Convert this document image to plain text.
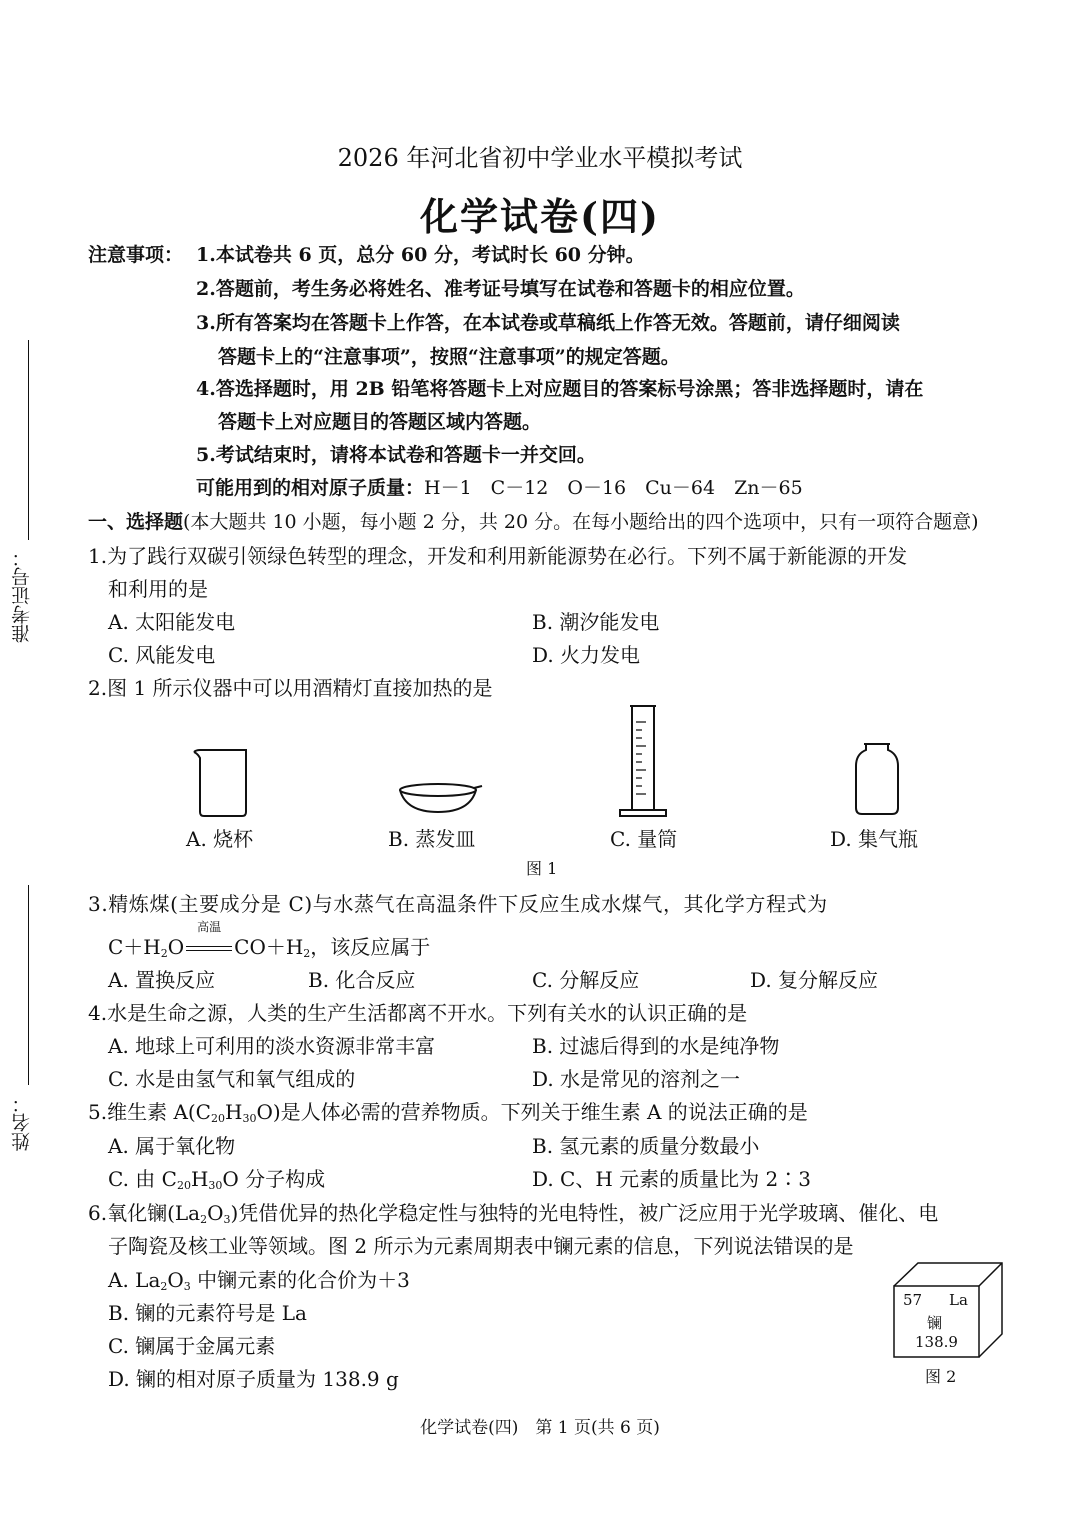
准考证号：
姓名：
2026 年河北省初中学业水平模拟考试
化学试卷(四)
注意事项： 1.本试卷共 6 页，总分 60 分，考试时长 60 分钟。
2.答题前，考生务必将姓名、准考证号填写在试卷和答题卡的相应位置。
3.所有答案均在答题卡上作答，在本试卷或草稿纸上作答无效。答题前，请仔细阅读
答题卡上的“注意事项”，按照“注意事项”的规定答题。
4.答选择题时，用 2B 铅笔将答题卡上对应题目的答案标号涂黑；答非选择题时，请在
答题卡上对应题目的答题区域内答题。
5.考试结束时，请将本试卷和答题卡一并交回。
可能用到的相对原子质量：H－1　C－12　O－16　Cu－64　Zn－65
一、选择题(本大题共 10 小题，每小题 2 分，共 20 分。在每小题给出的四个选项中，只有一项符合题意)
1.为了践行双碳引领绿色转型的理念，开发和利用新能源势在必行。下列不属于新能源的开发
和利用的是
A. 太阳能发电	B. 潮汐能发电
C. 风能发电	D. 火力发电
2.图 1 所示仪器中可以用酒精灯直接加热的是
A. 烧杯	B. 蒸发皿	C. 量筒	D. 集气瓶
图 1
3.精炼煤(主要成分是 C)与水蒸气在高温条件下反应生成水煤气，其化学方程式为
$C+H_2O$
高温
$CO+H_2$，该反应属于
A. 置换反应	B. 化合反应	C. 分解反应	D. 复分解反应
4.水是生命之源，人类的生产生活都离不开水。下列有关水的认识正确的是
A. 地球上可利用的淡水资源非常丰富	B. 过滤后得到的水是纯净物
C. 水是由氢气和氧气组成的	D. 水是常见的溶剂之一
5.维生素 $A(C_{20}H_{30}O)$是人体必需的营养物质。下列关于维生素 A 的说法正确的是
A. 属于氧化物	B. 氢元素的质量分数最小
C. 由 $C_{20}H_{30}O$ 分子构成	D. C、H 元素的质量比为 2∶3
6.氧化镧$(La_2O_3)$凭借优异的热化学稳定性与独特的光电特性，被广泛应用于光学玻璃、催化、电
子陶瓷及核工业等领域。图 2 所示为元素周期表中镧元素的信息，下列说法错误的是
A. $La_2O_3$ 中镧元素的化合价为＋3
B. 镧的元素符号是 La
C. 镧属于金属元素
D. 镧的相对原子质量为 138.9 g
57 La
镧
138.9
图 2
化学试卷(四)　第 1 页(共 6 页)
